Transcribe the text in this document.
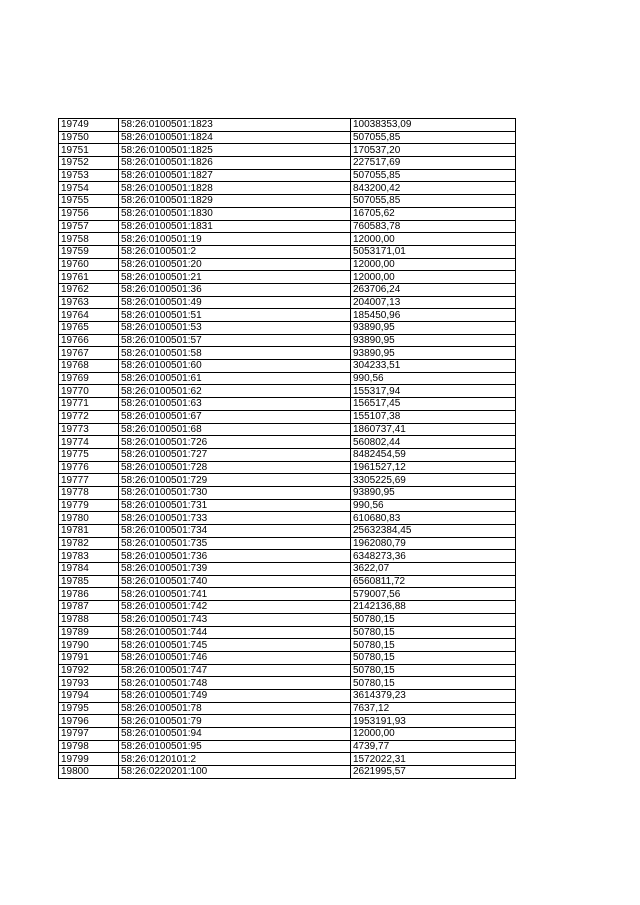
19749	58:26:0100501:1823	10038353,09
19750	58:26:0100501:1824	507055,85
19751	58:26:0100501:1825	170537,20
19752	58:26:0100501:1826	227517,69
19753	58:26:0100501:1827	507055,85
19754	58:26:0100501:1828	843200,42
19755	58:26:0100501:1829	507055,85
19756	58:26:0100501:1830	16705,62
19757	58:26:0100501:1831	760583,78
19758	58:26:0100501:19	12000,00
19759	58:26:0100501:2	5053171,01
19760	58:26:0100501:20	12000,00
19761	58:26:0100501:21	12000,00
19762	58:26:0100501:36	263706,24
19763	58:26:0100501:49	204007,13
19764	58:26:0100501:51	185450,96
19765	58:26:0100501:53	93890,95
19766	58:26:0100501:57	93890,95
19767	58:26:0100501:58	93890,95
19768	58:26:0100501:60	304233,51
19769	58:26:0100501:61	990,56
19770	58:26:0100501:62	155317,94
19771	58:26:0100501:63	156517,45
19772	58:26:0100501:67	155107,38
19773	58:26:0100501:68	1860737,41
19774	58:26:0100501:726	560802,44
19775	58:26:0100501:727	8482454,59
19776	58:26:0100501:728	1961527,12
19777	58:26:0100501:729	3305225,69
19778	58:26:0100501:730	93890,95
19779	58:26:0100501:731	990,56
19780	58:26:0100501:733	610680,83
19781	58:26:0100501:734	25632384,45
19782	58:26:0100501:735	1962080,79
19783	58:26:0100501:736	6348273,36
19784	58:26:0100501:739	3622,07
19785	58:26:0100501:740	6560811,72
19786	58:26:0100501:741	579007,56
19787	58:26:0100501:742	2142136,88
19788	58:26:0100501:743	50780,15
19789	58:26:0100501:744	50780,15
19790	58:26:0100501:745	50780,15
19791	58:26:0100501:746	50780,15
19792	58:26:0100501:747	50780,15
19793	58:26:0100501:748	50780,15
19794	58:26:0100501:749	3614379,23
19795	58:26:0100501:78	7637,12
19796	58:26:0100501:79	1953191,93
19797	58:26:0100501:94	12000,00
19798	58:26:0100501:95	4739,77
19799	58:26:0120101:2	1572022,31
19800	58:26:0220201:100	2621995,57
